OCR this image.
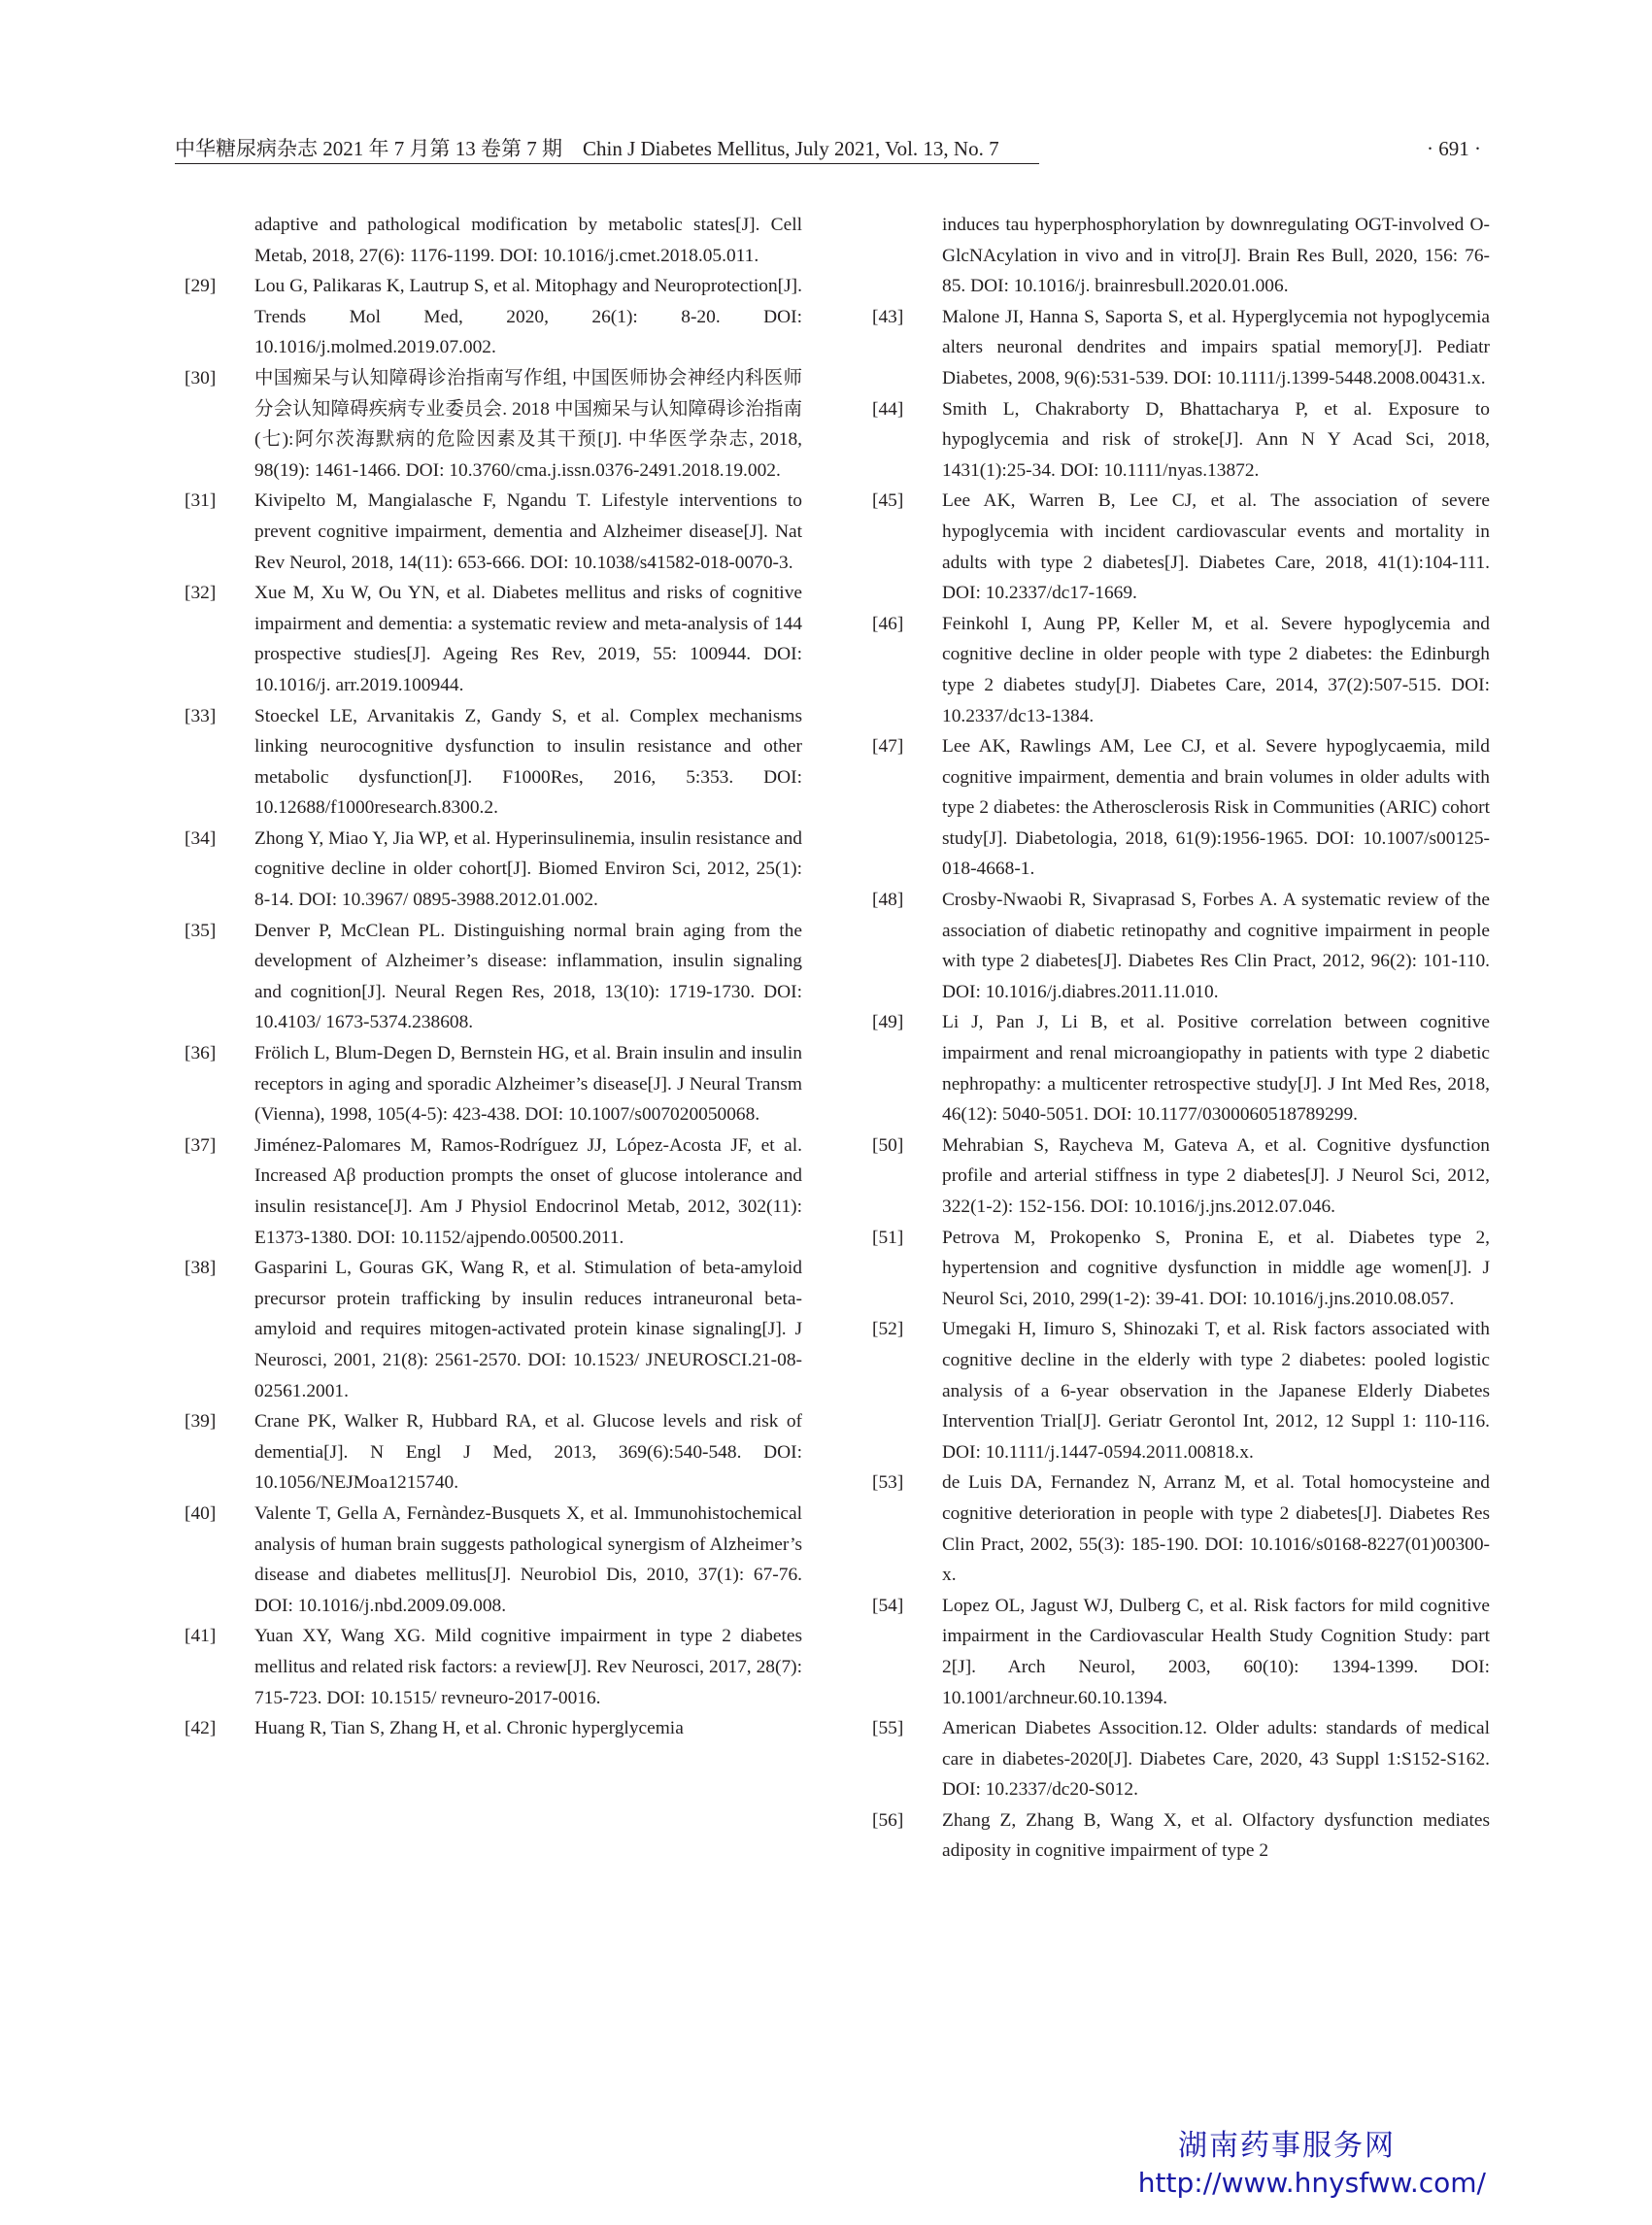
中华糖尿病杂志 2021 年 7 月第 13 卷第 7 期　Chin J Diabetes Mellitus, July 2021, Vol. 13, No. 7	· 691 ·
adaptive and pathological modification by metabolic states[J]. Cell Metab, 2018, 27(6): 1176-1199. DOI: 10.1016/j.cmet.2018.05.011.
[29]	Lou G, Palikaras K, Lautrup S, et al. Mitophagy and Neuroprotection[J]. Trends Mol Med, 2020, 26(1): 8-20. DOI: 10.1016/j.molmed.2019.07.002.
[30]	中国痴呆与认知障碍诊治指南写作组, 中国医师协会神经内科医师分会认知障碍疾病专业委员会. 2018 中国痴呆与认知障碍诊治指南(七):阿尔茨海默病的危险因素及其干预[J]. 中华医学杂志, 2018, 98(19): 1461-1466. DOI: 10.3760/cma.j.issn.0376-2491.2018.19.002.
[31]	Kivipelto M, Mangialasche F, Ngandu T. Lifestyle interventions to prevent cognitive impairment, dementia and Alzheimer disease[J]. Nat Rev Neurol, 2018, 14(11): 653-666. DOI: 10.1038/s41582-018-0070-3.
[32]	Xue M, Xu W, Ou YN, et al. Diabetes mellitus and risks of cognitive impairment and dementia: a systematic review and meta-analysis of 144 prospective studies[J]. Ageing Res Rev, 2019, 55: 100944. DOI: 10.1016/j. arr.2019.100944.
[33]	Stoeckel LE, Arvanitakis Z, Gandy S, et al. Complex mechanisms linking neurocognitive dysfunction to insulin resistance and other metabolic dysfunction[J]. F1000Res, 2016, 5:353. DOI: 10.12688/f1000research.8300.2.
[34]	Zhong Y, Miao Y, Jia WP, et al. Hyperinsulinemia, insulin resistance and cognitive decline in older cohort[J]. Biomed Environ Sci, 2012, 25(1): 8-14. DOI: 10.3967/ 0895-3988.2012.01.002.
[35]	Denver P, McClean PL. Distinguishing normal brain aging from the development of Alzheimer’s disease: inflammation, insulin signaling and cognition[J]. Neural Regen Res, 2018, 13(10): 1719-1730. DOI: 10.4103/ 1673-5374.238608.
[36]	Frölich L, Blum-Degen D, Bernstein HG, et al. Brain insulin and insulin receptors in aging and sporadic Alzheimer’s disease[J]. J Neural Transm (Vienna), 1998, 105(4-5): 423-438. DOI: 10.1007/s007020050068.
[37]	Jiménez-Palomares M, Ramos-Rodríguez JJ, López-Acosta JF, et al. Increased Aβ production prompts the onset of glucose intolerance and insulin resistance[J]. Am J Physiol Endocrinol Metab, 2012, 302(11): E1373-1380. DOI: 10.1152/ajpendo.00500.2011.
[38]	Gasparini L, Gouras GK, Wang R, et al. Stimulation of beta-amyloid precursor protein trafficking by insulin reduces intraneuronal beta-amyloid and requires mitogen-activated protein kinase signaling[J]. J Neurosci, 2001, 21(8): 2561-2570. DOI: 10.1523/ JNEUROSCI.21-08-02561.2001.
[39]	Crane PK, Walker R, Hubbard RA, et al. Glucose levels and risk of dementia[J]. N Engl J Med, 2013, 369(6):540-548. DOI: 10.1056/NEJMoa1215740.
[40]	Valente T, Gella A, Fernàndez-Busquets X, et al. Immunohistochemical analysis of human brain suggests pathological synergism of Alzheimer’s disease and diabetes mellitus[J]. Neurobiol Dis, 2010, 37(1): 67-76. DOI: 10.1016/j.nbd.2009.09.008.
[41]	Yuan XY, Wang XG. Mild cognitive impairment in type 2 diabetes mellitus and related risk factors: a review[J]. Rev Neurosci, 2017, 28(7): 715-723. DOI: 10.1515/ revneuro-2017-0016.
[42]	Huang R, Tian S, Zhang H, et al. Chronic hyperglycemia
induces tau hyperphosphorylation by downregulating OGT-involved O-GlcNAcylation in vivo and in vitro[J]. Brain Res Bull, 2020, 156: 76-85. DOI: 10.1016/j. brainresbull.2020.01.006.
[43]	Malone JI, Hanna S, Saporta S, et al. Hyperglycemia not hypoglycemia alters neuronal dendrites and impairs spatial memory[J]. Pediatr Diabetes, 2008, 9(6):531-539. DOI: 10.1111/j.1399-5448.2008.00431.x.
[44]	Smith L, Chakraborty D, Bhattacharya P, et al. Exposure to hypoglycemia and risk of stroke[J]. Ann N Y Acad Sci, 2018, 1431(1):25-34. DOI: 10.1111/nyas.13872.
[45]	Lee AK, Warren B, Lee CJ, et al. The association of severe hypoglycemia with incident cardiovascular events and mortality in adults with type 2 diabetes[J]. Diabetes Care, 2018, 41(1):104-111. DOI: 10.2337/dc17-1669.
[46]	Feinkohl I, Aung PP, Keller M, et al. Severe hypoglycemia and cognitive decline in older people with type 2 diabetes: the Edinburgh type 2 diabetes study[J]. Diabetes Care, 2014, 37(2):507-515. DOI: 10.2337/dc13-1384.
[47]	Lee AK, Rawlings AM, Lee CJ, et al. Severe hypoglycaemia, mild cognitive impairment, dementia and brain volumes in older adults with type 2 diabetes: the Atherosclerosis Risk in Communities (ARIC) cohort study[J]. Diabetologia, 2018, 61(9):1956-1965. DOI: 10.1007/s00125-018-4668-1.
[48]	Crosby-Nwaobi R, Sivaprasad S, Forbes A. A systematic review of the association of diabetic retinopathy and cognitive impairment in people with type 2 diabetes[J]. Diabetes Res Clin Pract, 2012, 96(2): 101-110. DOI: 10.1016/j.diabres.2011.11.010.
[49]	Li J, Pan J, Li B, et al. Positive correlation between cognitive impairment and renal microangiopathy in patients with type 2 diabetic nephropathy: a multicenter retrospective study[J]. J Int Med Res, 2018, 46(12): 5040-5051. DOI: 10.1177/0300060518789299.
[50]	Mehrabian S, Raycheva M, Gateva A, et al. Cognitive dysfunction profile and arterial stiffness in type 2 diabetes[J]. J Neurol Sci, 2012, 322(1-2): 152-156. DOI: 10.1016/j.jns.2012.07.046.
[51]	Petrova M, Prokopenko S, Pronina E, et al. Diabetes type 2, hypertension and cognitive dysfunction in middle age women[J]. J Neurol Sci, 2010, 299(1-2): 39-41. DOI: 10.1016/j.jns.2010.08.057.
[52]	Umegaki H, Iimuro S, Shinozaki T, et al. Risk factors associated with cognitive decline in the elderly with type 2 diabetes: pooled logistic analysis of a 6-year observation in the Japanese Elderly Diabetes Intervention Trial[J]. Geriatr Gerontol Int, 2012, 12 Suppl 1: 110-116. DOI: 10.1111/j.1447-0594.2011.00818.x.
[53]	de Luis DA, Fernandez N, Arranz M, et al. Total homocysteine and cognitive deterioration in people with type 2 diabetes[J]. Diabetes Res Clin Pract, 2002, 55(3): 185-190. DOI: 10.1016/s0168-8227(01)00300-x.
[54]	Lopez OL, Jagust WJ, Dulberg C, et al. Risk factors for mild cognitive impairment in the Cardiovascular Health Study Cognition Study: part 2[J]. Arch Neurol, 2003, 60(10): 1394-1399. DOI: 10.1001/archneur.60.10.1394.
[55]	American Diabetes Assocition.12. Older adults: standards of medical care in diabetes-2020[J]. Diabetes Care, 2020, 43 Suppl 1:S152-S162. DOI: 10.2337/dc20-S012.
[56]	Zhang Z, Zhang B, Wang X, et al. Olfactory dysfunction mediates adiposity in cognitive impairment of type 2
湖南药事服务网
http://www.hnysfww.com/
